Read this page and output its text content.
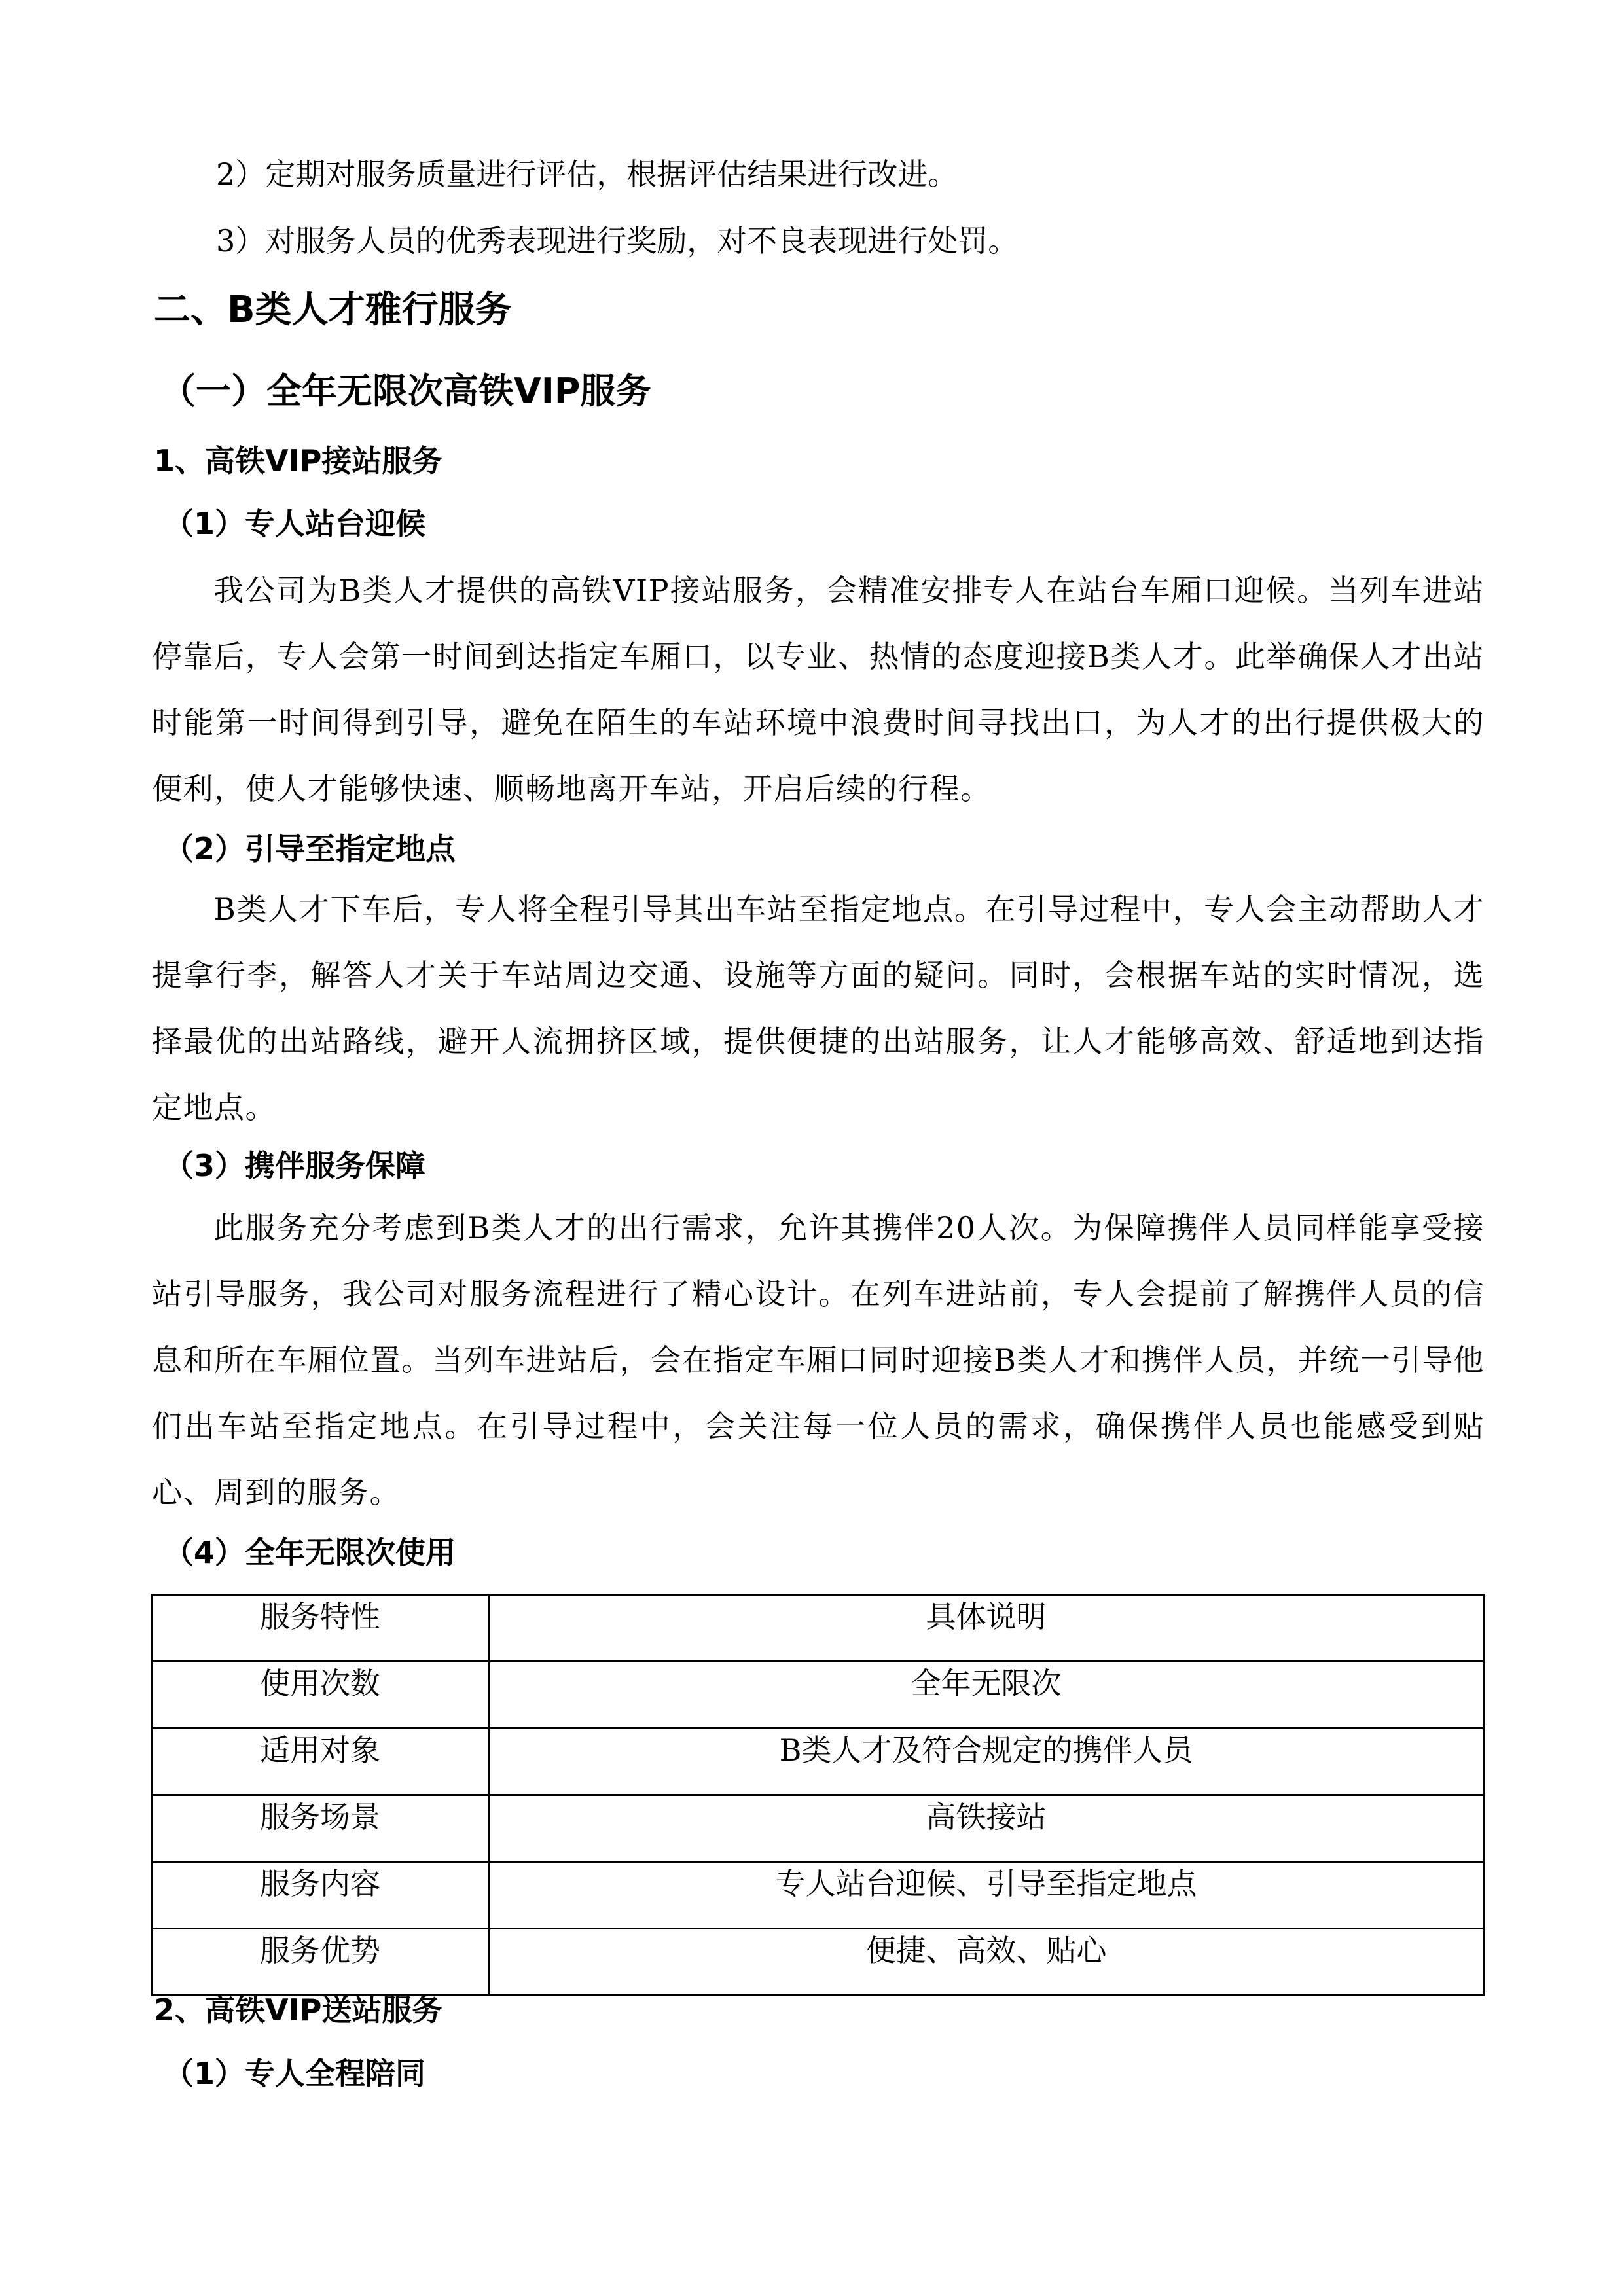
2）定期对服务质量进行评估，根据评估结果进行改进。
3）对服务人员的优秀表现进行奖励，对不良表现进行处罚。
二、B类人才雅行服务
（一）全年无限次高铁VIP服务
1、高铁VIP接站服务
（1）专人站台迎候
我公司为B类人才提供的高铁VIP接站服务，会精准安排专人在站台车厢口迎候。当列车进站停靠后，专人会第一时间到达指定车厢口，以专业、热情的态度迎接B类人才。此举确保人才出站时能第一时间得到引导，避免在陌生的车站环境中浪费时间寻找出口，为人才的出行提供极大的便利，使人才能够快速、顺畅地离开车站，开启后续的行程。
（2）引导至指定地点
B类人才下车后，专人将全程引导其出车站至指定地点。在引导过程中，专人会主动帮助人才提拿行李，解答人才关于车站周边交通、设施等方面的疑问。同时，会根据车站的实时情况，选择最优的出站路线，避开人流拥挤区域，提供便捷的出站服务，让人才能够高效、舒适地到达指定地点。
（3）携伴服务保障
此服务充分考虑到B类人才的出行需求，允许其携伴20人次。为保障携伴人员同样能享受接站引导服务，我公司对服务流程进行了精心设计。在列车进站前，专人会提前了解携伴人员的信息和所在车厢位置。当列车进站后，会在指定车厢口同时迎接B类人才和携伴人员，并统一引导他们出车站至指定地点。在引导过程中，会关注每一位人员的需求，确保携伴人员也能感受到贴心、周到的服务。
（4）全年无限次使用
服务特性	具体说明
使用次数	全年无限次
适用对象	B类人才及符合规定的携伴人员
服务场景	高铁接站
服务内容	专人站台迎候、引导至指定地点
服务优势	便捷、高效、贴心
2、高铁VIP送站服务
（1）专人全程陪同
